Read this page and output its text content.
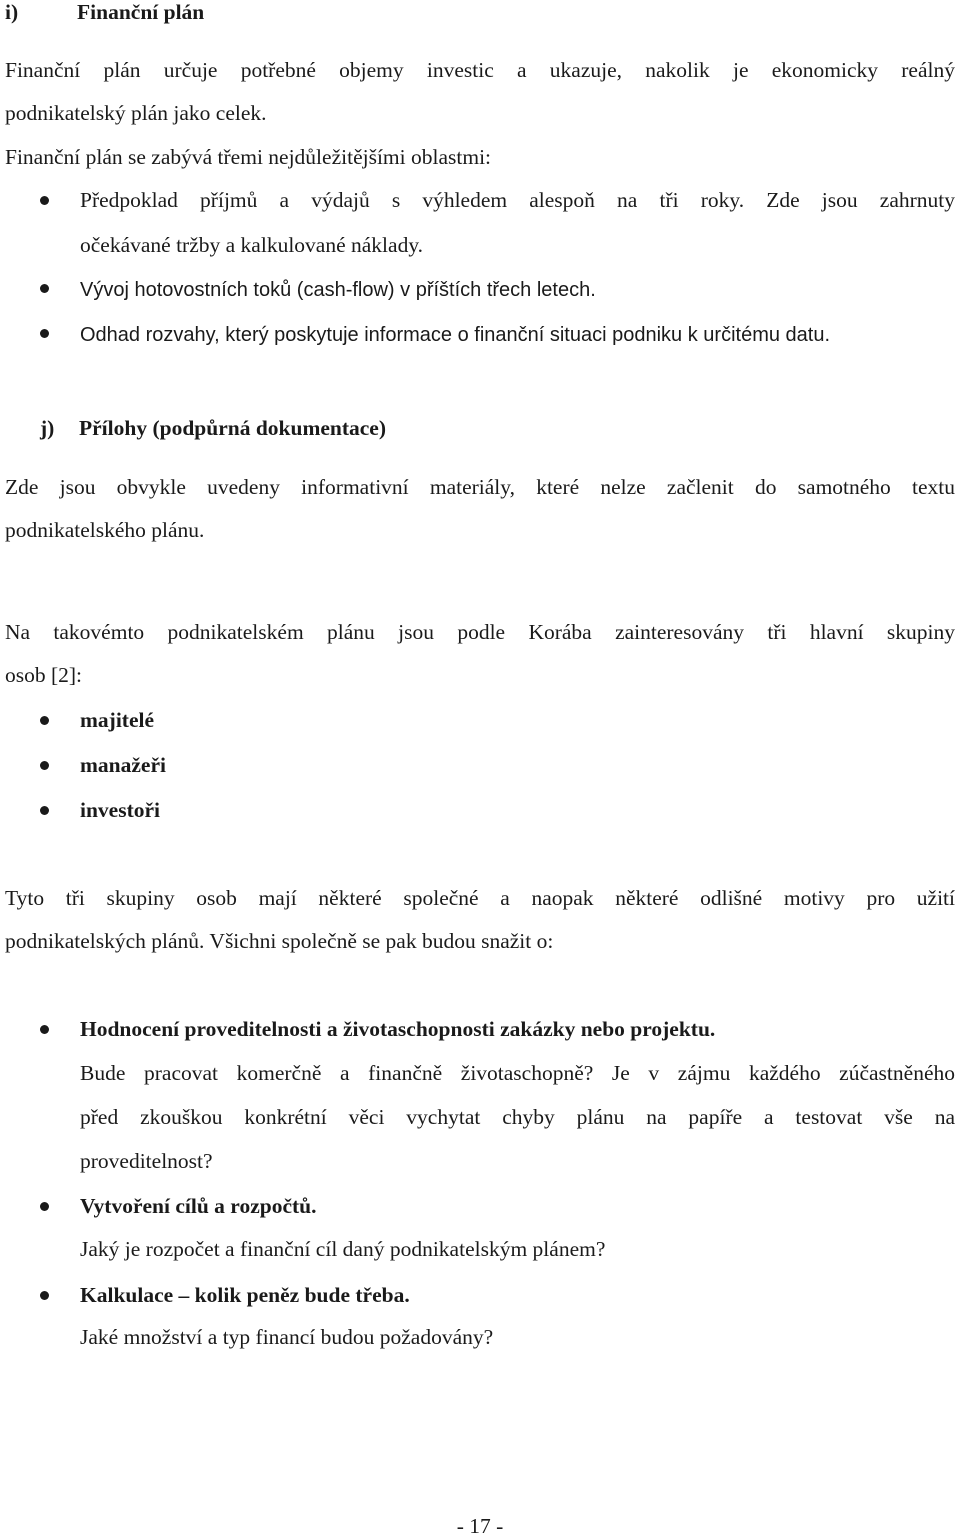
i)	Finanční plán
Finanční plán určuje potřebné objemy investic a ukazuje, nakolik je ekonomicky reálný
podnikatelský plán jako celek.
Finanční plán se zabývá třemi nejdůležitějšími oblastmi:
Předpoklad příjmů a výdajů s výhledem alespoň na tři roky. Zde jsou zahrnuty
očekávané tržby a kalkulované náklady.
Vývoj hotovostních toků (cash-flow) v příštích třech letech.
Odhad rozvahy, který poskytuje informace o finanční situaci podniku k určitému datu.
j) Přílohy (podpůrná dokumentace)
Zde jsou obvykle uvedeny informativní materiály, které nelze začlenit do samotného textu
podnikatelského plánu.
Na takovémto podnikatelském plánu jsou podle Korába zainteresovány tři hlavní skupiny
osob [2]:
majitelé
manažeři
investoři
Tyto tři skupiny osob mají některé společné a naopak některé odlišné motivy pro užití
podnikatelských plánů. Všichni společně se pak budou snažit o:
Hodnocení proveditelnosti a životaschopnosti zakázky nebo projektu.
Bude pracovat komerčně a finančně životaschopně? Je v zájmu každého zúčastněného
před zkouškou konkrétní věci vychytat chyby plánu na papíře a testovat vše na
proveditelnost?
Vytvoření cílů a rozpočtů.
Jaký je rozpočet a finanční cíl daný podnikatelským plánem?
Kalkulace – kolik peněz bude třeba.
Jaké množství a typ financí budou požadovány?
- 17 -
